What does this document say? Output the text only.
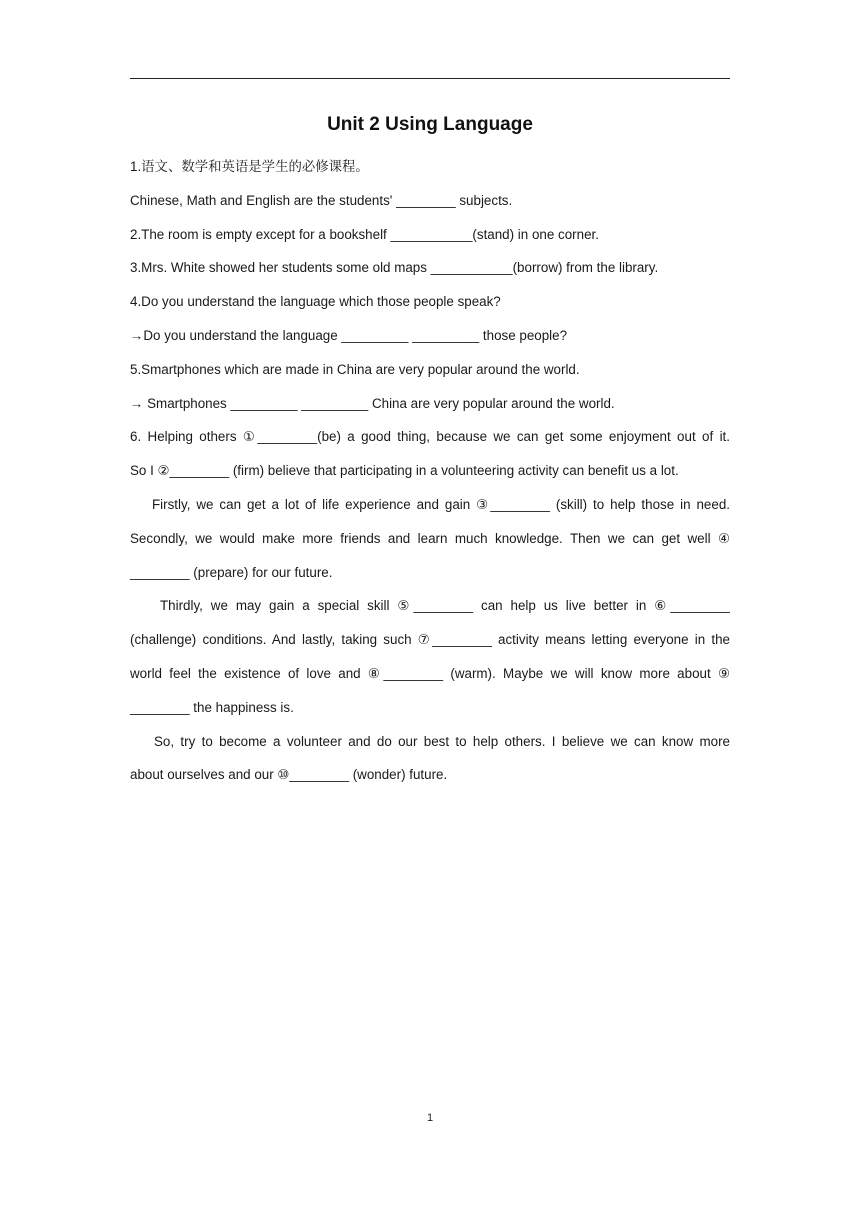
Unit 2 Using Language
1.语文、数学和英语是学生的必修课程。
Chinese, Math and English are the students' ________ subjects.
2.The room is empty except for a bookshelf ___________(stand) in one corner.
3.Mrs. White showed her students some old maps ___________(borrow) from the library.
4.Do you understand the language which those people speak?
→Do you understand the language _________ _________ those people?
5.Smartphones which are made in China are very popular around the world.
→ Smartphones _________ _________ China are very popular around the world.
6. Helping others ①________(be) a good thing, because we can get some enjoyment out of it.
So I ②________ (firm) believe that participating in a volunteering activity can benefit us a lot.
Firstly, we can get a lot of life experience and gain ③________ (skill) to help those in need.
Secondly, we would make more friends and learn much knowledge. Then we can get well ④
________ (prepare) for our future.
Thirdly, we may gain a special skill ⑤________ can help us live better in ⑥________
(challenge) conditions. And lastly, taking such ⑦________ activity means letting everyone in the
world feel the existence of love and ⑧________ (warm). Maybe we will know more about ⑨
________ the happiness is.
So, try to become a volunteer and do our best to help others. I believe we can know more
about ourselves and our ⑩________ (wonder) future.
1
